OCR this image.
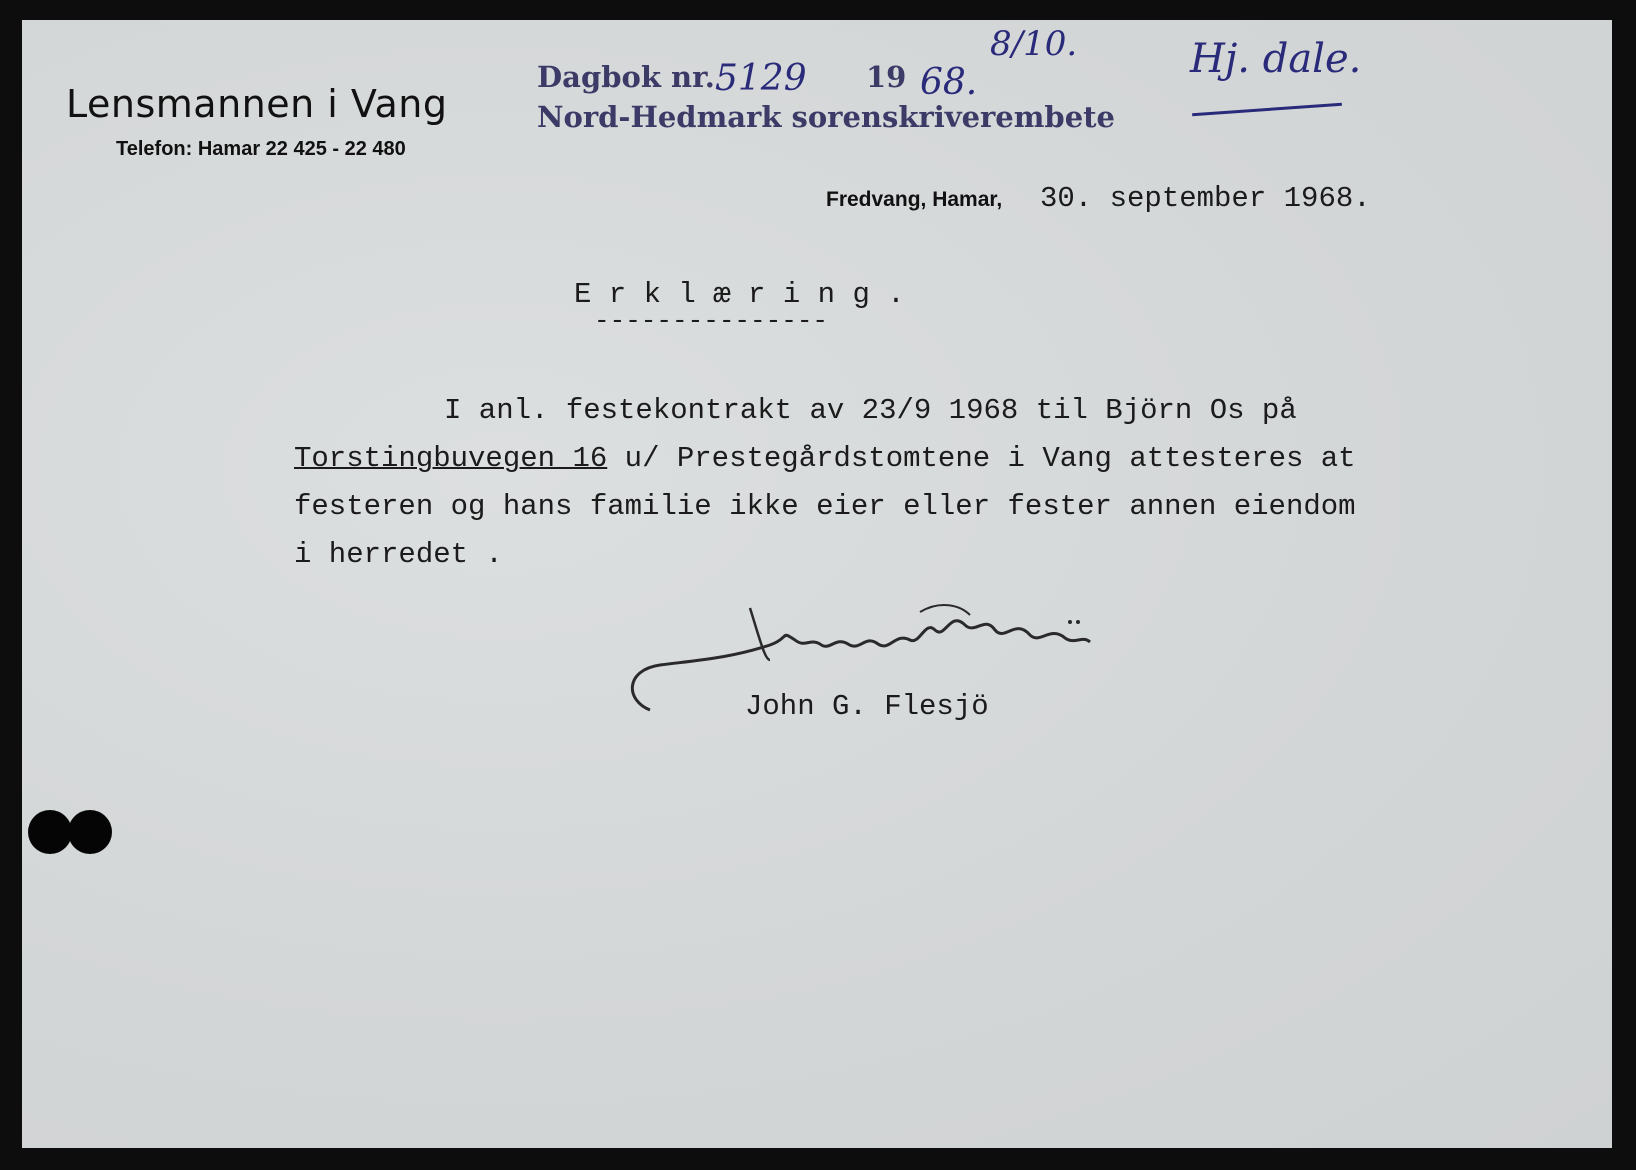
Lensmannen i Vang
Telefon: Hamar 22 425 - 22 480
Dagbok nr.	19
Nord-Hedmark sorenskriverembete
5129	68.
8/10.	Hj. dale.
Fredvang, Hamar, 30. september 1968.
E r k l æ r i n g .
---------------
I anl. festekontrakt av 23/9 1968 til Björn Os på
Torstingbuvegen 16 u/ Prestegårdstomtene i Vang attesteres at
festeren og hans familie ikke eier eller fester annen eiendom
i herredet .
John G. Flesjö
